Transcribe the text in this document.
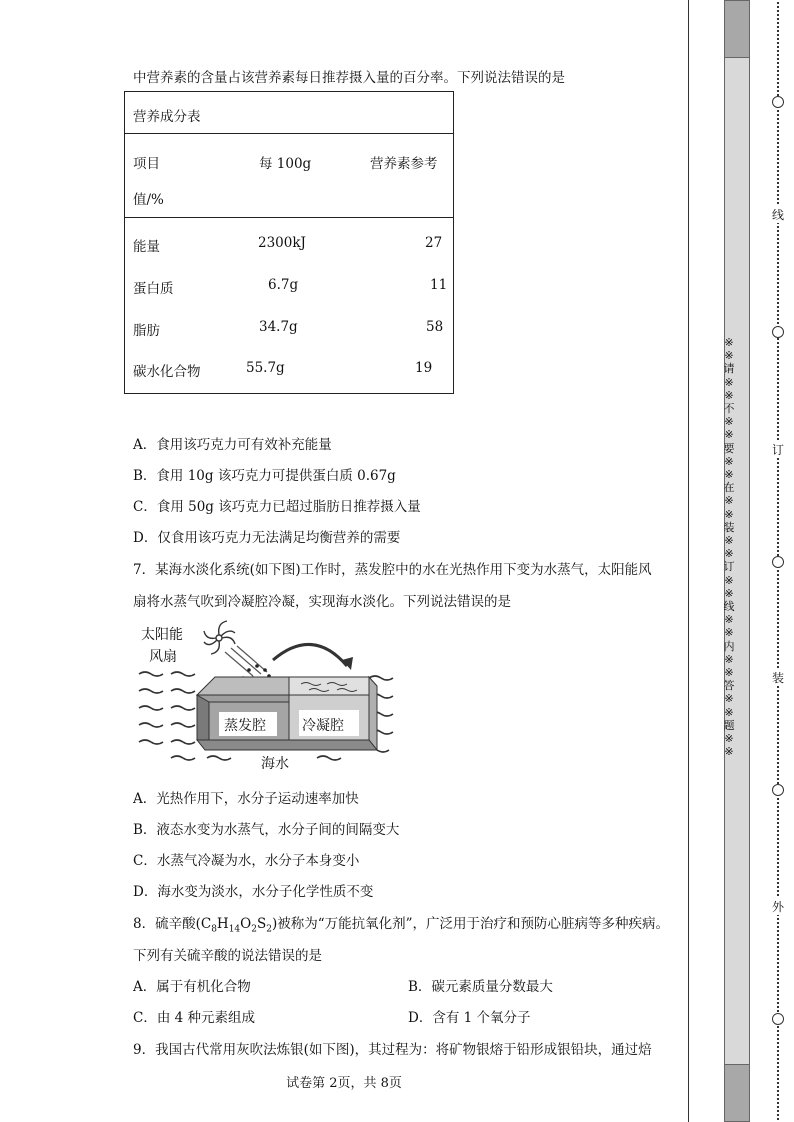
中营养素的含量占该营养素每日推荐摄入量的百分率。下列说法错误的是
营养成分表
项目	每 100g	营养素参考
值/%
能量	2300kJ	27
蛋白质	6.7g	11
脂肪	34.7g	58
碳水化合物	55.7g	19
A．食用该巧克力可有效补充能量
B．食用 10g 该巧克力可提供蛋白质 0.67g
C．食用 50g 该巧克力已超过脂肪日推荐摄入量
D．仅食用该巧克力无法满足均衡营养的需要
7．某海水淡化系统(如下图)工作时，蒸发腔中的水在光热作用下变为水蒸气，太阳能风
扇将水蒸气吹到冷凝腔冷凝，实现海水淡化。下列说法错误的是
太阳能
风扇
蒸发腔	冷凝腔
海水
A．光热作用下，水分子运动速率加快
B．液态水变为水蒸气，水分子间的间隔变大
C．水蒸气冷凝为水，水分子本身变小
D．海水变为淡水，水分子化学性质不变
8．硫辛酸$(C_8H_{14}O_2S_2)$被称为“万能抗氧化剂”，广泛用于治疗和预防心脏病等多种疾病。
下列有关硫辛酸的说法错误的是
A．属于有机化合物	B．碳元素质量分数最大
C．由 4 种元素组成	D．含有 1 个氧分子
9．我国古代常用灰吹法炼银(如下图)，其过程为：将矿物银熔于铅形成银铅块，通过焙
试卷第 2页，共 8页
※※请※※不※※要※※在※※装※※订※※线※※内※※答※※题※※
线
订
装
外
